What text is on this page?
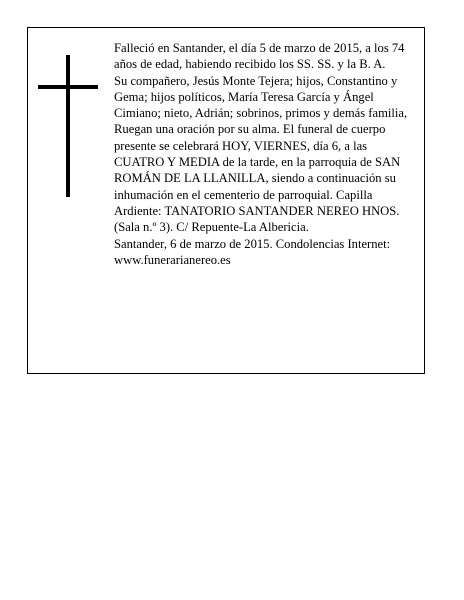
Falleció en Santander, el día 5 de marzo de 2015, a los 74 años de edad, habiendo recibido los SS. SS. y la B. A.

Su compañero, Jesús Monte Tejera; hijos, Constantino y Gema; hijos políticos, María Teresa García y Ángel Cimiano; nieto, Adrián; sobrinos, primos y demás familia,

Ruegan una oración por su alma. El funeral de cuerpo presente se celebrará HOY, VIERNES, día 6, a las CUATRO Y MEDIA de la tarde, en la parroquia de SAN ROMÁN DE LA LLANILLA, siendo a continuación su inhumación en el cementerio de parroquial. Capilla Ardiente: TANATORIO SANTANDER NEREO HNOS. (Sala n.º 3). C/ Repuente-La Albericia.

Santander, 6 de marzo de 2015. Condolencias Internet: www.funerarianereo.es
